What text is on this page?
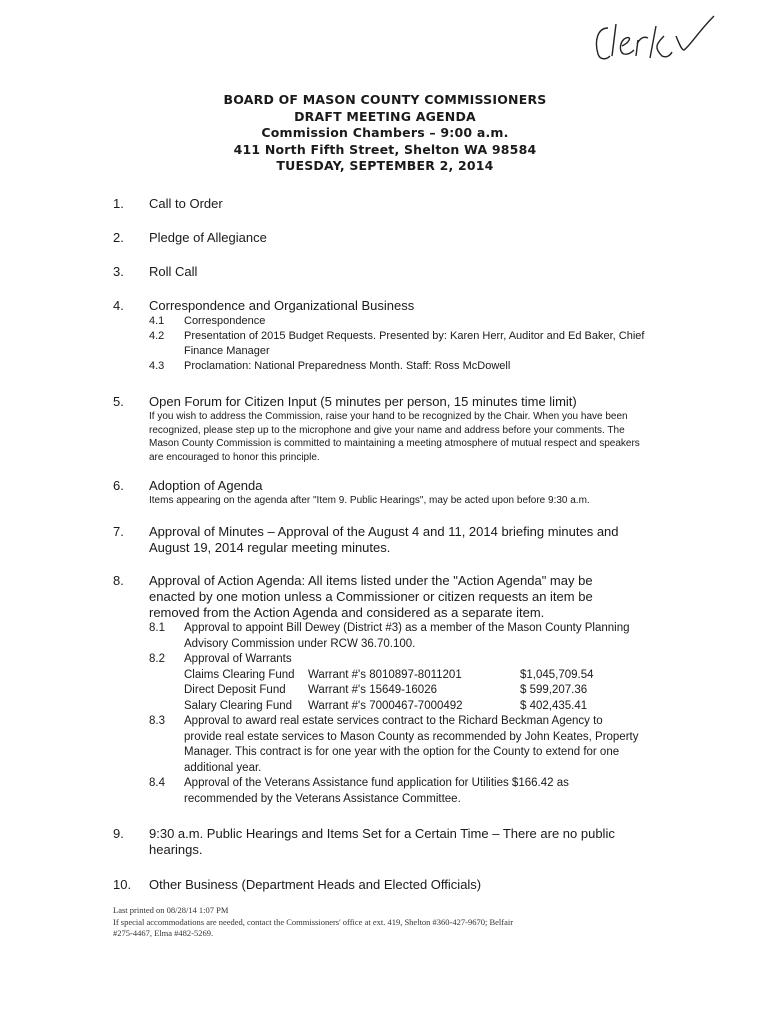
BOARD OF MASON COUNTY COMMISSIONERS
DRAFT MEETING AGENDA
Commission Chambers – 9:00 a.m.
411 North Fifth Street, Shelton WA 98584
TUESDAY, SEPTEMBER 2, 2014
1. Call to Order
2. Pledge of Allegiance
3. Roll Call
4. Correspondence and Organizational Business
4.1	Correspondence
4.2	Presentation of 2015 Budget Requests. Presented by: Karen Herr, Auditor and Ed Baker, Chief Finance Manager
4.3	Proclamation: National Preparedness Month. Staff: Ross McDowell
5. Open Forum for Citizen Input (5 minutes per person, 15 minutes time limit)
If you wish to address the Commission, raise your hand to be recognized by the Chair. When you have been recognized, please step up to the microphone and give your name and address before your comments. The Mason County Commission is committed to maintaining a meeting atmosphere of mutual respect and speakers are encouraged to honor this principle.
6. Adoption of Agenda
Items appearing on the agenda after "Item 9. Public Hearings", may be acted upon before 9:30 a.m.
7. Approval of Minutes – Approval of the August 4 and 11, 2014 briefing minutes and August 19, 2014 regular meeting minutes.
8. Approval of Action Agenda: All items listed under the "Action Agenda" may be enacted by one motion unless a Commissioner or citizen requests an item be removed from the Action Agenda and considered as a separate item.
8.1	Approval to appoint Bill Dewey (District #3) as a member of the Mason County Planning Advisory Commission under RCW 36.70.100.
8.2	Approval of Warrants
Claims Clearing Fund	Warrant #'s 8010897-8011201	$1,045,709.54
Direct Deposit Fund	Warrant #'s 15649-16026	$ 599,207.36
Salary Clearing Fund	Warrant #'s 7000467-7000492	$ 402,435.41
8.3	Approval to award real estate services contract to the Richard Beckman Agency to provide real estate services to Mason County as recommended by John Keates, Property Manager. This contract is for one year with the option for the County to extend for one additional year.
8.4	Approval of the Veterans Assistance fund application for Utilities $166.42 as recommended by the Veterans Assistance Committee.
9. 9:30 a.m. Public Hearings and Items Set for a Certain Time – There are no public hearings.
10. Other Business (Department Heads and Elected Officials)
Last printed on 08/28/14 1:07 PM
If special accommodations are needed, contact the Commissioners' office at ext. 419, Shelton #360-427-9670; Belfair
#275-4467, Elma #482-5269.
